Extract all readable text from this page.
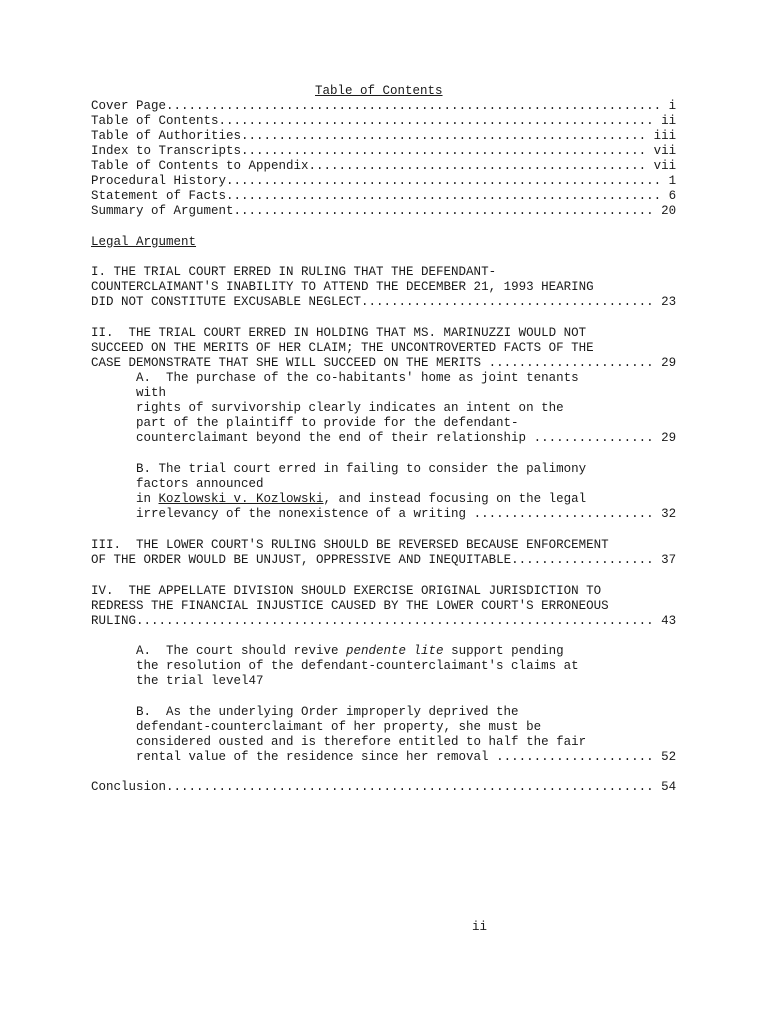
Table of Contents
Cover Page.................................................................. i
Table of Contents.......................................................... ii
Table of Authorities...................................................... iii
Index to Transcripts...................................................... vii
Table of Contents to Appendix............................................. vii
Procedural History.......................................................... 1
Statement of Facts.......................................................... 6
Summary of Argument........................................................ 20
Legal Argument
I. THE TRIAL COURT ERRED IN RULING THAT THE DEFENDANT-
COUNTERCLAIMANT'S INABILITY TO ATTEND THE DECEMBER 21, 1993 HEARING
DID NOT CONSTITUTE EXCUSABLE NEGLECT....................................... 23
II.  THE TRIAL COURT ERRED IN HOLDING THAT MS. MARINUZZI WOULD NOT
SUCCEED ON THE MERITS OF HER CLAIM; THE UNCONTROVERTED FACTS OF THE
CASE DEMONSTRATE THAT SHE WILL SUCCEED ON THE MERITS ...................... 29
A.  The purchase of the co-habitants' home as joint tenants
with
rights of survivorship clearly indicates an intent on the
part of the plaintiff to provide for the defendant-
counterclaimant beyond the end of their relationship ................ 29
B. The trial court erred in failing to consider the palimony
factors announced
in Kozlowski v. Kozlowski, and instead focusing on the legal
irrelevancy of the nonexistence of a writing ........................ 32
III.  THE LOWER COURT'S RULING SHOULD BE REVERSED BECAUSE ENFORCEMENT
OF THE ORDER WOULD BE UNJUST, OPPRESSIVE AND INEQUITABLE................... 37
IV.  THE APPELLATE DIVISION SHOULD EXERCISE ORIGINAL JURISDICTION TO
REDRESS THE FINANCIAL INJUSTICE CAUSED BY THE LOWER COURT'S ERRONEOUS
RULING..................................................................... 43
A.  The court should revive pendente lite support pending
the resolution of the defendant-counterclaimant's claims at
the trial level47
B.  As the underlying Order improperly deprived the
defendant-counterclaimant of her property, she must be
considered ousted and is therefore entitled to half the fair
rental value of the residence since her removal ..................... 52
Conclusion................................................................. 54
ii
